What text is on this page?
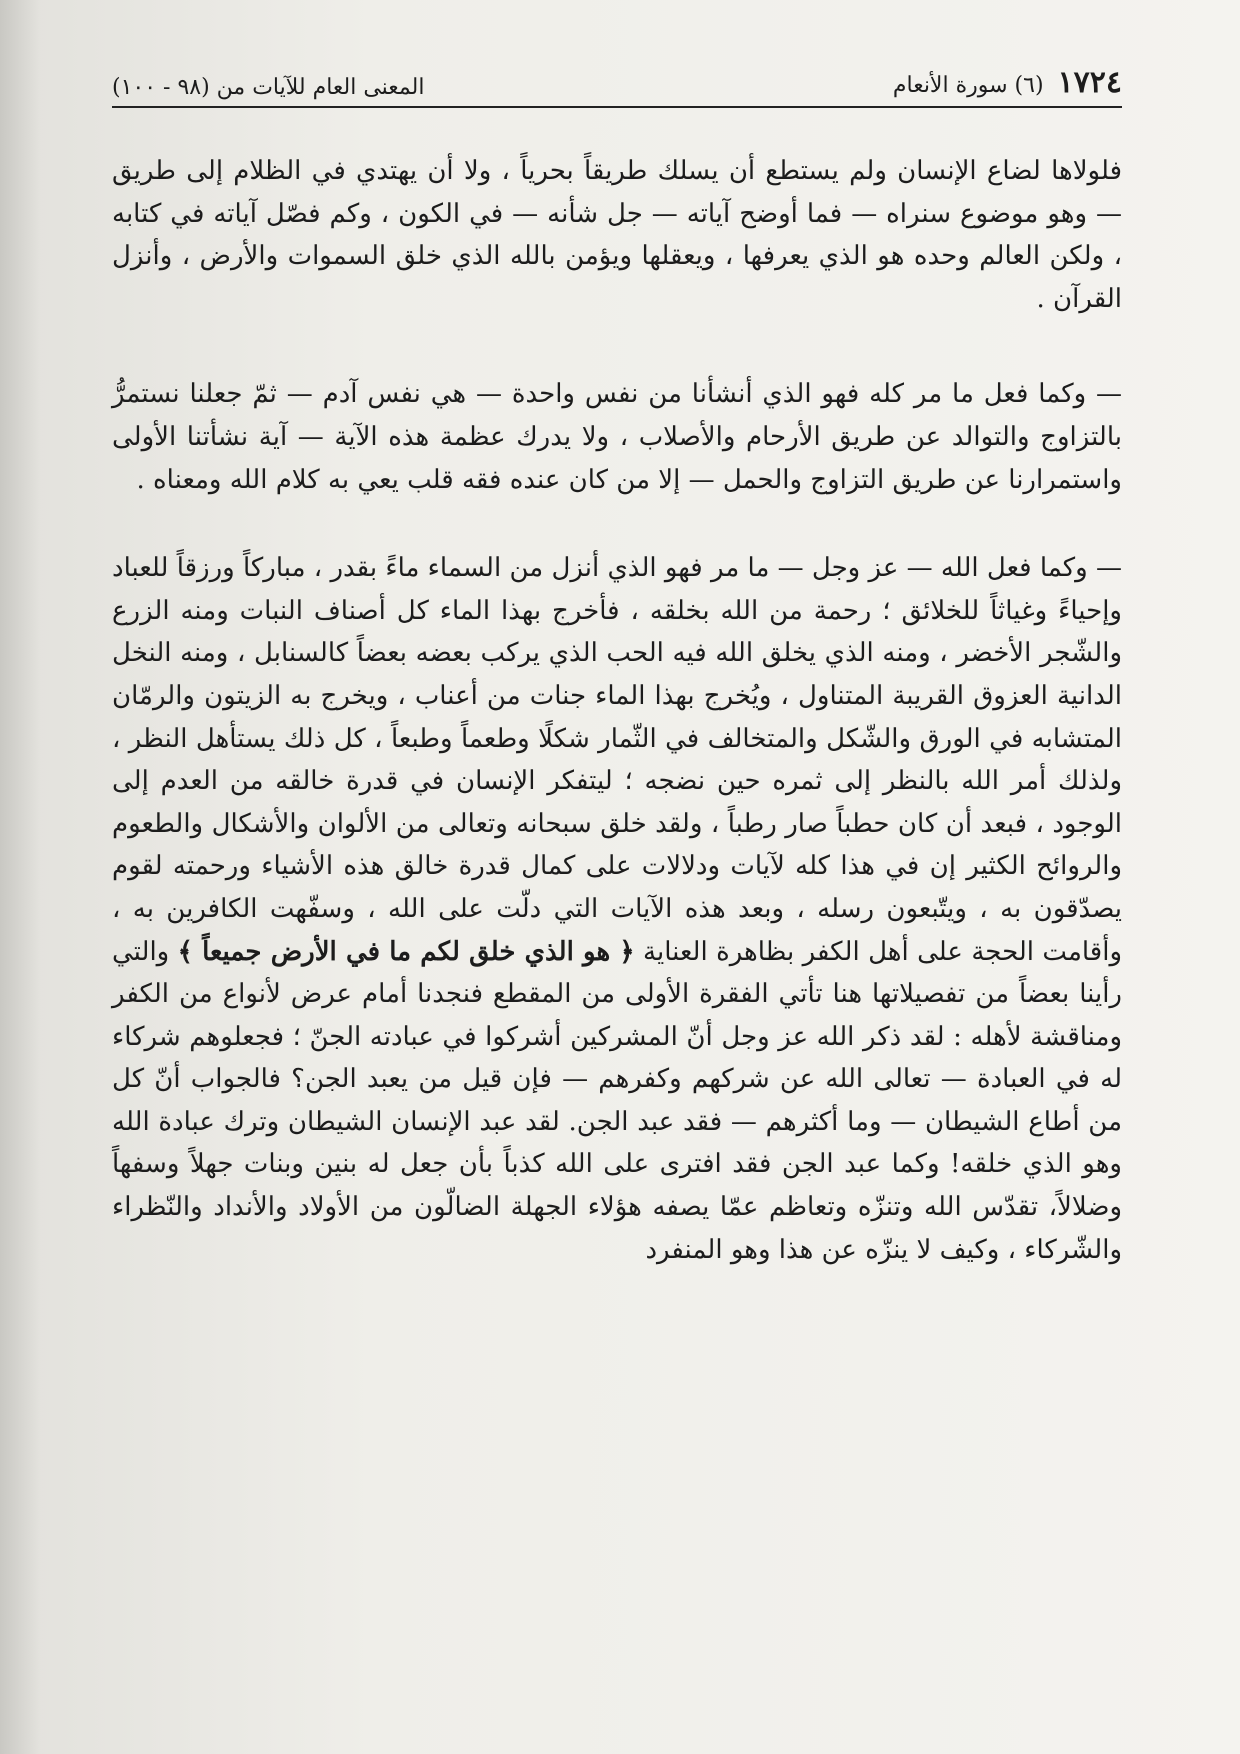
١٧٢٤
(٦) سورة الأنعام
المعنى العام للآيات من (٩٨ - ١٠٠)

فلولاها لضاع الإنسان ولم يستطع أن يسلك طريقاً بحرياً ، ولا أن يهتدي في الظلام إلى طريق — وهو موضوع سنراه — فما أوضح آياته — جل شأنه — في الكون ، وكم فصّل آياته في كتابه ، ولكن العالم وحده هو الذي يعرفها ، ويعقلها ويؤمن بالله الذي خلق السموات والأرض ، وأنزل القرآن .

— وكما فعل ما مر كله فهو الذي أنشأنا من نفس واحدة — هي نفس آدم — ثمّ جعلنا نستمرُّ بالتزاوج والتوالد عن طريق الأرحام والأصلاب ، ولا يدرك عظمة هذه الآية — آية نشأتنا الأولى واستمرارنا عن طريق التزاوج والحمل — إلا من كان عنده فقه قلب يعي به كلام الله ومعناه .

— وكما فعل الله — عز وجل — ما مر فهو الذي أنزل من السماء ماءً بقدر ، مباركاً ورزقاً للعباد وإحياءً وغياثاً للخلائق ؛ رحمة من الله بخلقه ، فأخرج بهذا الماء كل أصناف النبات ومنه الزرع والشّجر الأخضر ، ومنه الذي يخلق الله فيه الحب الذي يركب بعضه بعضاً كالسنابل ، ومنه النخل الدانية العزوق القريبة المتناول ، ويُخرج بهذا الماء جنات من أعناب ، ويخرج به الزيتون والرمّان المتشابه في الورق والشّكل والمتخالف في الثّمار شكلًا وطعماً وطبعاً ، كل ذلك يستأهل النظر ، ولذلك أمر الله بالنظر إلى ثمره حين نضجه ؛ ليتفكر الإنسان في قدرة خالقه من العدم إلى الوجود ، فبعد أن كان حطباً صار رطباً ، ولقد خلق سبحانه وتعالى من الألوان والأشكال والطعوم والروائح الكثير إن في هذا كله لآيات ودلالات على كمال قدرة خالق هذه الأشياء ورحمته لقوم يصدّقون به ، ويتّبعون رسله ، وبعد هذه الآيات التي دلّت على الله ، وسفّهت الكافرين به ، وأقامت الحجة على أهل الكفر بظاهرة العناية ﴿ هو الذي خلق لكم ما في الأرض جميعاً ﴾ والتي رأينا بعضاً من تفصيلاتها هنا تأتي الفقرة الأولى من المقطع فنجدنا أمام عرض لأنواع من الكفر ومناقشة لأهله : لقد ذكر الله عز وجل أنّ المشركين أشركوا في عبادته الجنّ ؛ فجعلوهم شركاء له في العبادة — تعالى الله عن شركهم وكفرهم — فإن قيل من يعبد الجن؟ فالجواب أنّ كل من أطاع الشيطان — وما أكثرهم — فقد عبد الجن. لقد عبد الإنسان الشيطان وترك عبادة الله وهو الذي خلقه! وكما عبد الجن فقد افترى على الله كذباً بأن جعل له بنين وبنات جهلاً وسفهاً وضلالاً، تقدّس الله وتنزّه وتعاظم عمّا يصفه هؤلاء الجهلة الضالّون من الأولاد والأنداد والنّظراء والشّركاء ، وكيف لا ينزّه عن هذا وهو المنفرد
